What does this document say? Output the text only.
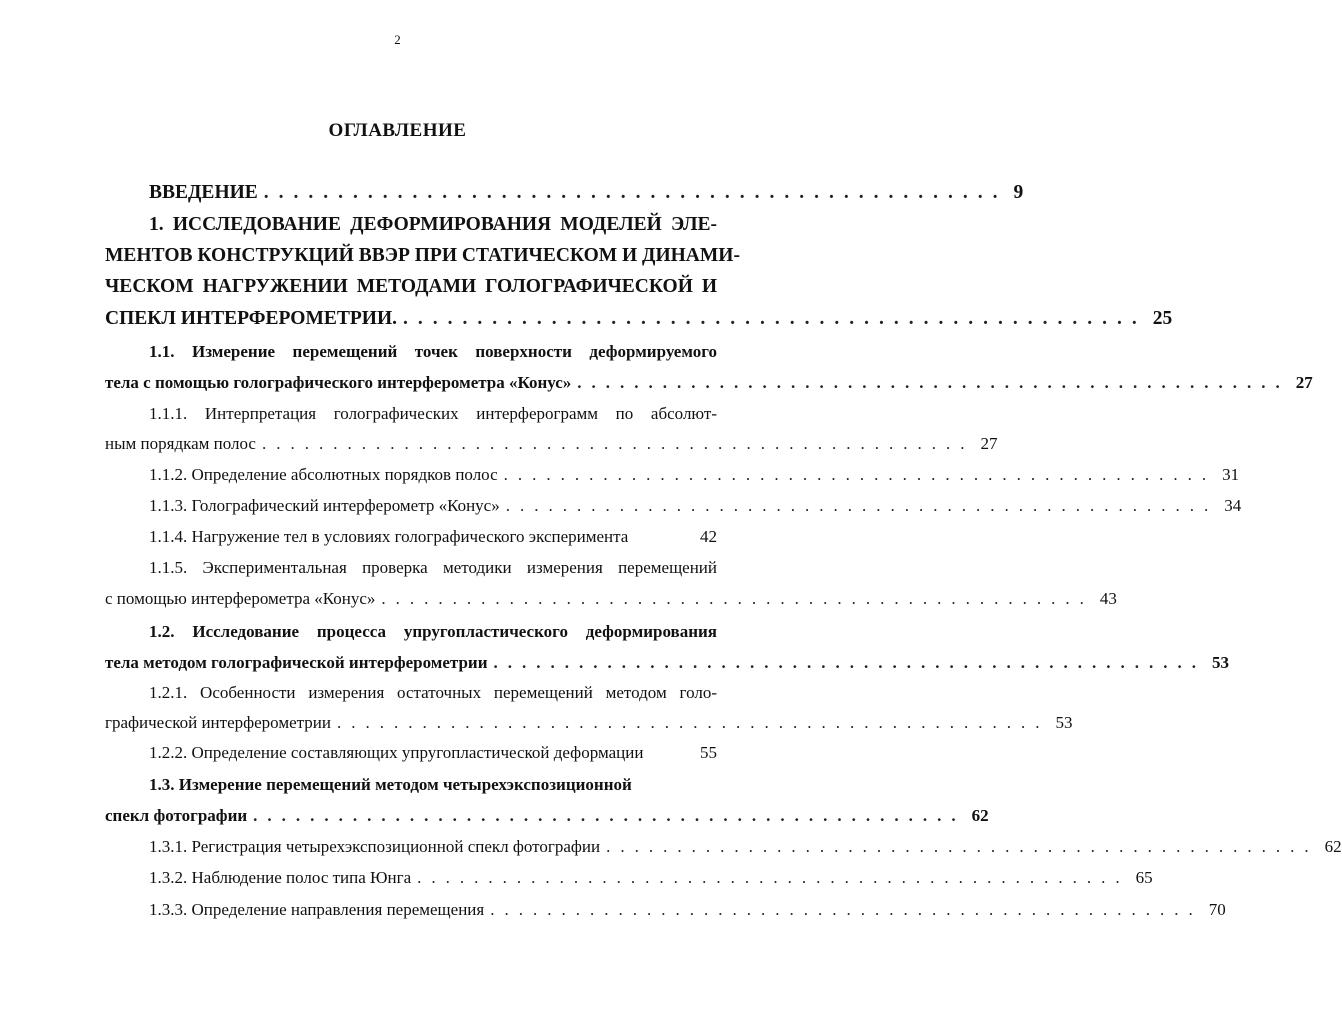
2
ОГЛАВЛЕНИЕ
ВВЕДЕНИЕ .................................................. 9
1. ИССЛЕДОВАНИЕ ДЕФОРМИРОВАНИЯ МОДЕЛЕЙ ЭЛЕ-
МЕНТОВ КОНСТРУКЦИЙ ВВЭР ПРИ СТАТИЧЕСКОМ И ДИНАМИ-
ЧЕСКОМ НАГРУЖЕНИИ МЕТОДАМИ ГОЛОГРАФИЧЕСКОЙ И
СПЕКЛ ИНТЕРФЕРОМЕТРИИ. .................................................. 25
1.1. Измерение перемещений точек поверхности деформируемого
тела с помощью голографического интерферометра «Конус» .................................................. 27
1.1.1. Интерпретация голографических интерферограмм по абсолют-
ным порядкам полос .................................................. 27
1.1.2. Определение абсолютных порядков полос .................................................. 31
1.1.3. Голографический интерферометр «Конус» .................................................. 34
1.1.4. Нагружение тел в условиях голографического эксперимента	42
1.1.5. Экспериментальная проверка методики измерения перемещений
с помощью интерферометра «Конус» .................................................. 43
1.2. Исследование процесса упругопластического деформирования
тела методом голографической интерферометрии .................................................. 53
1.2.1. Особенности измерения остаточных перемещений методом голо-
графической интерферометрии .................................................. 53
1.2.2. Определение составляющих упругопластической деформации	55
1.3. Измерение перемещений методом четырехэкспозиционной
спекл фотографии .................................................. 62
1.3.1. Регистрация четырехэкспозиционной спекл фотографии .................................................. 62
1.3.2. Наблюдение полос типа Юнга .................................................. 65
1.3.3. Определение направления перемещения .................................................. 70
